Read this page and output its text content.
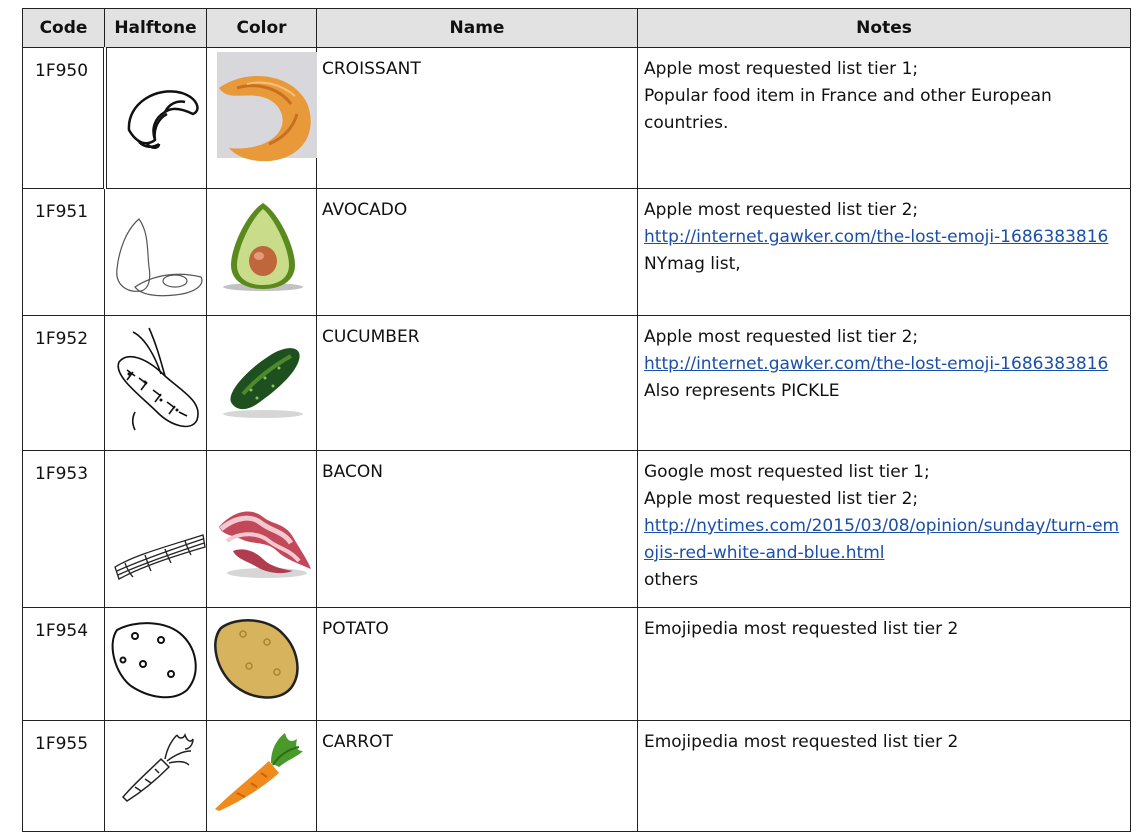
Code	Halftone	Color	Name	Notes
1F950			CROISSANT	Apple most requested list tier 1;
Popular food item in France and other European countries.

1F951			AVOCADO	Apple most requested list tier 2;
http://internet.gawker.com/the-lost-emoji-1686383816
NYmag list,

1F952			CUCUMBER	Apple most requested list tier 2;
http://internet.gawker.com/the-lost-emoji-1686383816
Also represents PICKLE

1F953			BACON	Google most requested list tier 1;
Apple most requested list tier 2;
http://nytimes.com/2015/03/08/opinion/sunday/turn-emojis-red-white-and-blue.html
others

1F954			POTATO	Emojipedia most requested list tier 2

1F955			CARROT	Emojipedia most requested list tier 2
